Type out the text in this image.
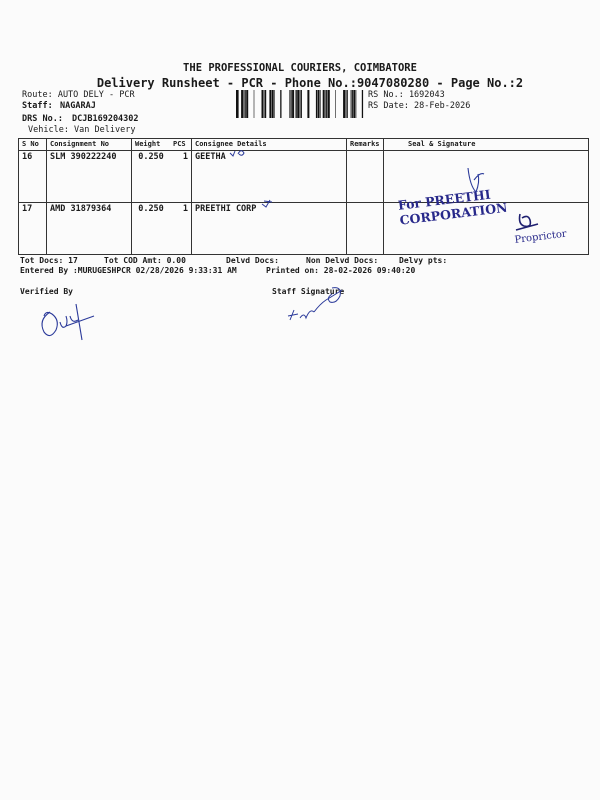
THE PROFESSIONAL COURIERS, COIMBATORE
Delivery Runsheet - PCR - Phone No.:9047080280 - Page No.:2
Route: AUTO DELY - PCR
Staff: NAGARAJ
DRS No.: DCJB169204302
Vehicle: Van Delivery
RS No.: 1692043
RS Date: 28-Feb-2026
S No	Consignment No	Weight	PCS	Consignee Details	Remarks	Seal & Signature
16	SLM 390222240	0.250	1	GEETHA		
17	AMD 31879364	0.250	1	PREETHI CORP		
Tot Docs: 17	Tot COD Amt: 0.00	Delvd Docs:	Non Delvd Docs:	Delvy pts:
Entered By :MURUGESHPCR 02/28/2026 9:33:31 AM	Printed on: 28-02-2026 09:40:20
Verified By	Staff Signature
For PREETHI CORPORATION
Proprictor
